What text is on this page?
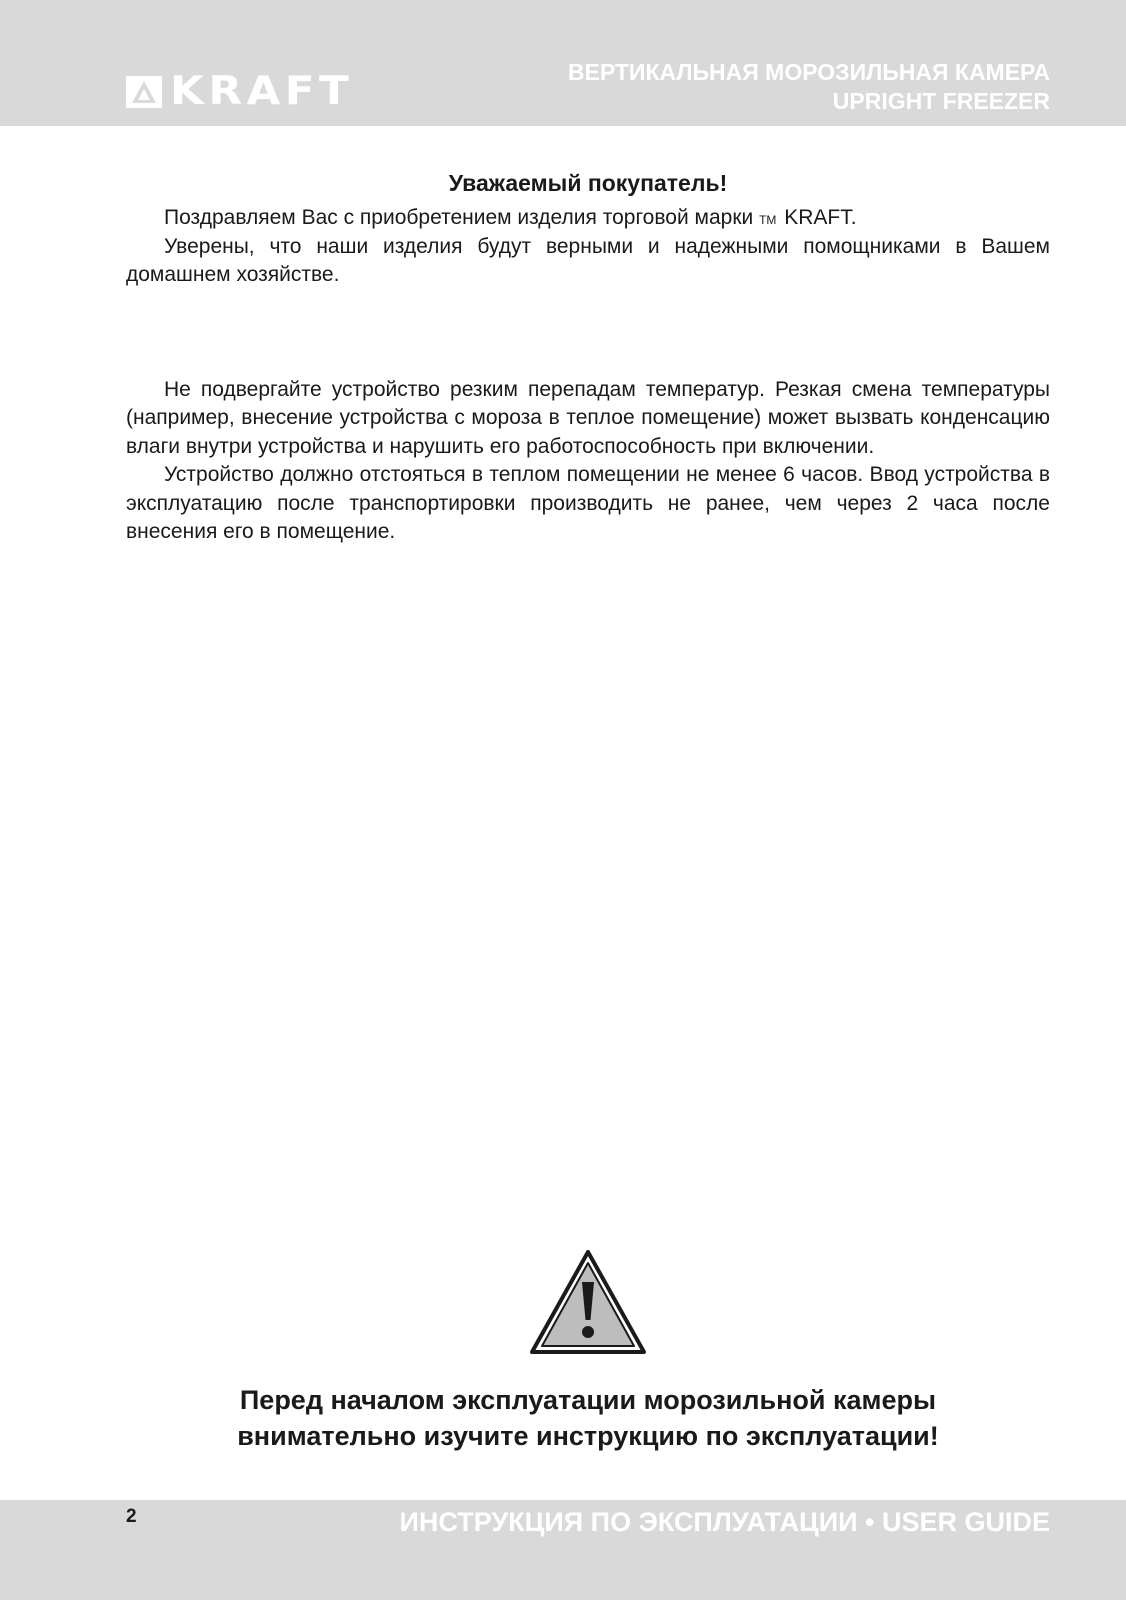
KRAFT	ВЕРТИКАЛЬНАЯ МОРОЗИЛЬНАЯ КАМЕРА
UPRIGHT FREEZER
Уважаемый покупатель!

Поздравляем Вас с приобретением изделия торговой марки ™ KRAFT.

Уверены, что наши изделия будут верными и надежными помощниками в Вашем домашнем хозяйстве.

Не подвергайте устройство резким перепадам температур. Резкая смена температуры (например, внесение устройства с мороза в теплое помещение) может вызвать конденсацию влаги внутри устройства и нарушить его работоспособность при включении.

Устройство должно отстояться в теплом помещении не менее 6 часов. Ввод устройства в эксплуатацию после транспортировки производить не ранее, чем через 2 часа после внесения его в помещение.

Перед началом эксплуатации морозильной камеры
внимательно изучите инструкцию по эксплуатации!
2	ИНСТРУКЦИЯ ПО ЭКСПЛУАТАЦИИ • USER GUIDE
